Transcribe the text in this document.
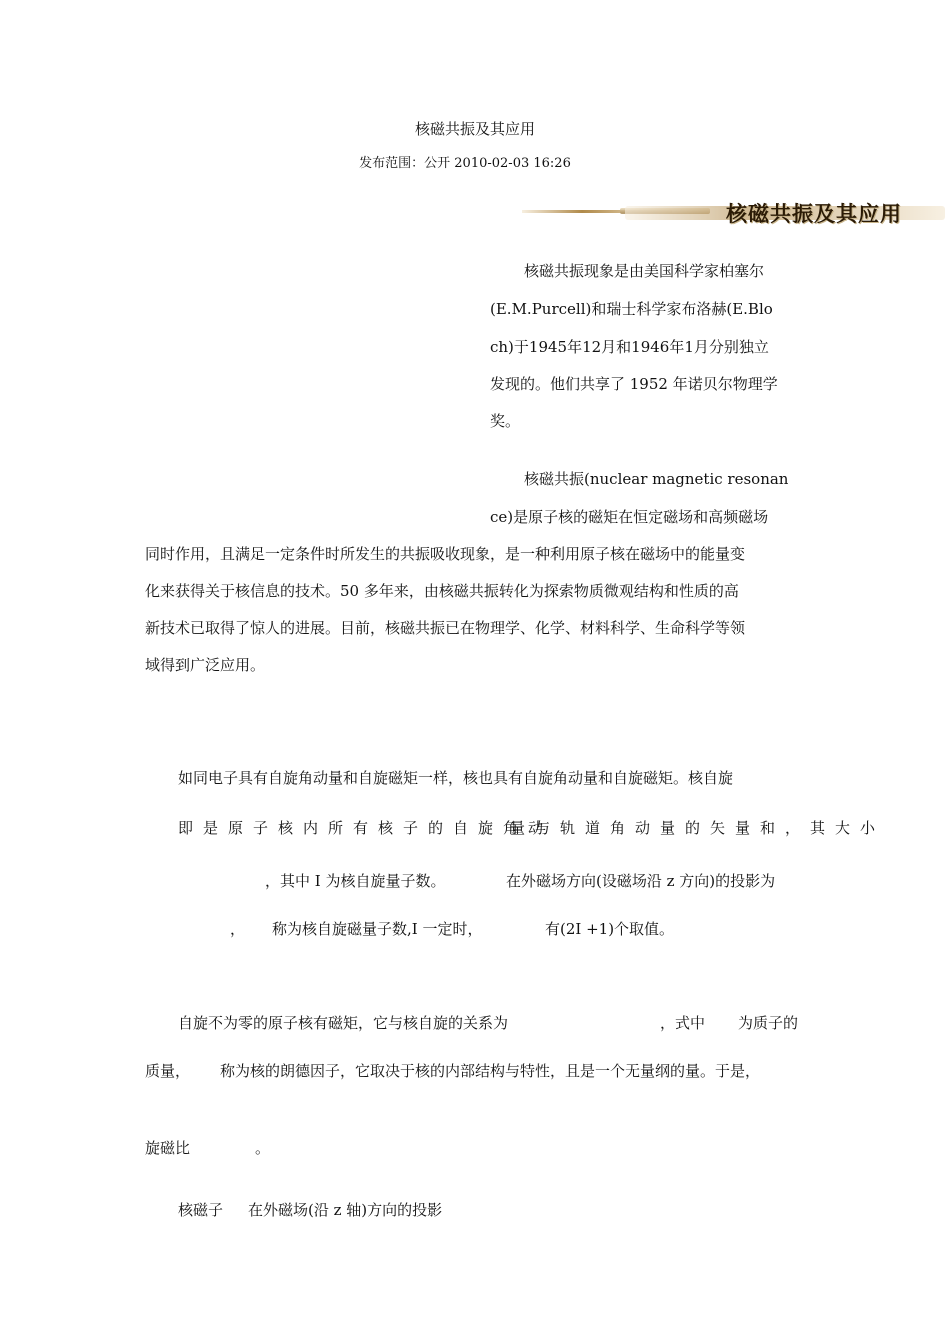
核磁共振及其应用
发布范围：公开 2010-02-03 16:26
核磁共振及其应用
核磁共振现象是由美国科学家柏塞尔
(E.M.Purcell)和瑞士科学家布洛赫(E.Blo
ch)于1945年12月和1946年1月分别独立
发现的。他们共享了 1952 年诺贝尔物理学
奖。
核磁共振(nuclear magnetic resonan
ce)是原子核的磁矩在恒定磁场和高频磁场
同时作用，且满足一定条件时所发生的共振吸收现象，是一种利用原子核在磁场中的能量变
化来获得关于核信息的技术。50 多年来，由核磁共振转化为探索物质微观结构和性质的高
新技术已取得了惊人的进展。目前，核磁共振已在物理学、化学、材料科学、生命科学等领
域得到广泛应用。
如同电子具有自旋角动量和自旋磁矩一样，核也具有自旋角动量和自旋磁矩。核自旋
即是原子核内所有核子的自旋角动
量与轨道角动量的矢量和，其大小
，其中 I 为核自旋量子数。	在外磁场方向(设磁场沿 z 方向)的投影为
， 称为核自旋磁量子数,I 一定时，	有(2I +1)个取值。
自旋不为零的原子核有磁矩，它与核自旋的关系为	，式中 为质子的
质量， 称为核的朗德因子，它取决于核的内部结构与特性，且是一个无量纲的量。于是，
旋磁比	。
核磁子 在外磁场(沿 z 轴)方向的投影
